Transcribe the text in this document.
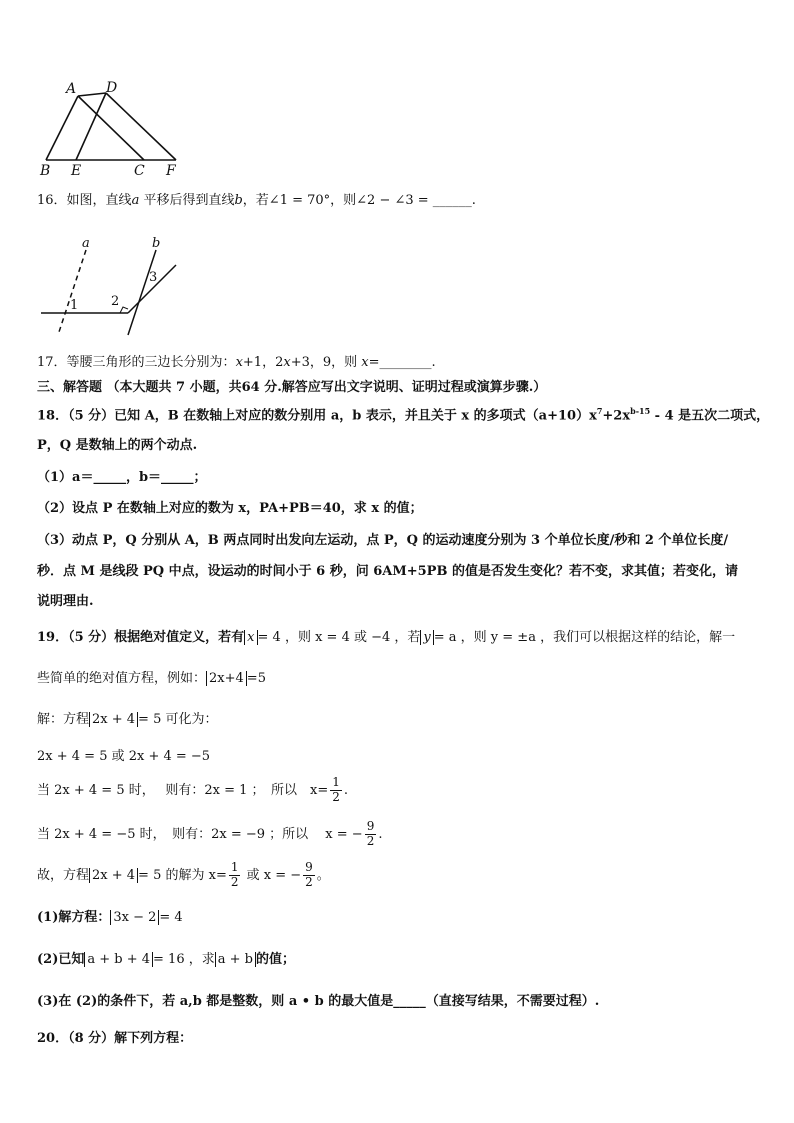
A D
B E	C F
16．如图，直线a 平移后得到直线b，若∠1 = 70°，则∠2 − ∠3 = ______.
a	b
1	2
3
17．等腰三角形的三边长分别为：x+1，2x+3，9，则 x=________.
三、解答题 （本大题共 7 小题，共64 分.解答应写出文字说明、证明过程或演算步骤.）
18．（5 分）已知 A，B 在数轴上对应的数分别用 a，b 表示，并且关于 x 的多项式$(a+10)x^7+2x^{b-15} - 4$ 是五次二项式，
P，Q 是数轴上的两个动点.
（1）a＝_____，b＝_____；
（2）设点 P 在数轴上对应的数为 x，PA+PB＝40，求 x 的值；
（3）动点 P，Q 分别从 A，B 两点同时出发向左运动，点 P，Q 的运动速度分别为 3 个单位长度/秒和 2 个单位长度/
秒．点 M 是线段 PQ 中点，设运动的时间小于 6 秒，问 6AM+5PB 的值是否发生变化？若不变，求其值；若变化，请
说明理由.
19．（5 分）根据绝对值定义，若有 x = 4 ，则 x = 4 或 −4 ，若 y = a ，则 y = ±a ，我们可以根据这样的结论，解一
些简单的绝对值方程，例如： 2x+4 =5
解：方程 2x + 4 = 5 可化为：
2x + 4 = 5 或 2x + 4 = −5
当 2x + 4 = 5 时，　 则有：2x = 1 ；　所以　$x= \frac{1}{2}$ .
当 2x + 4 = −5 时，　则有：2x = −9 ；所以　 x = − $\frac{9}{2}$ .
故，方程 2x + 4 = 5 的解为 $x= \frac{1}{2}$ 或 x = − $\frac{9}{2}$ 。
(1)解方程： 3x − 2 = 4
(2)已知 a + b + 4 = 16 ，求 a + b 的值；
(3)在 (2)的条件下，若 a,b 都是整数，则 a • b 的最大值是_____（直接写结果，不需要过程）.
20．（8 分）解下列方程：
